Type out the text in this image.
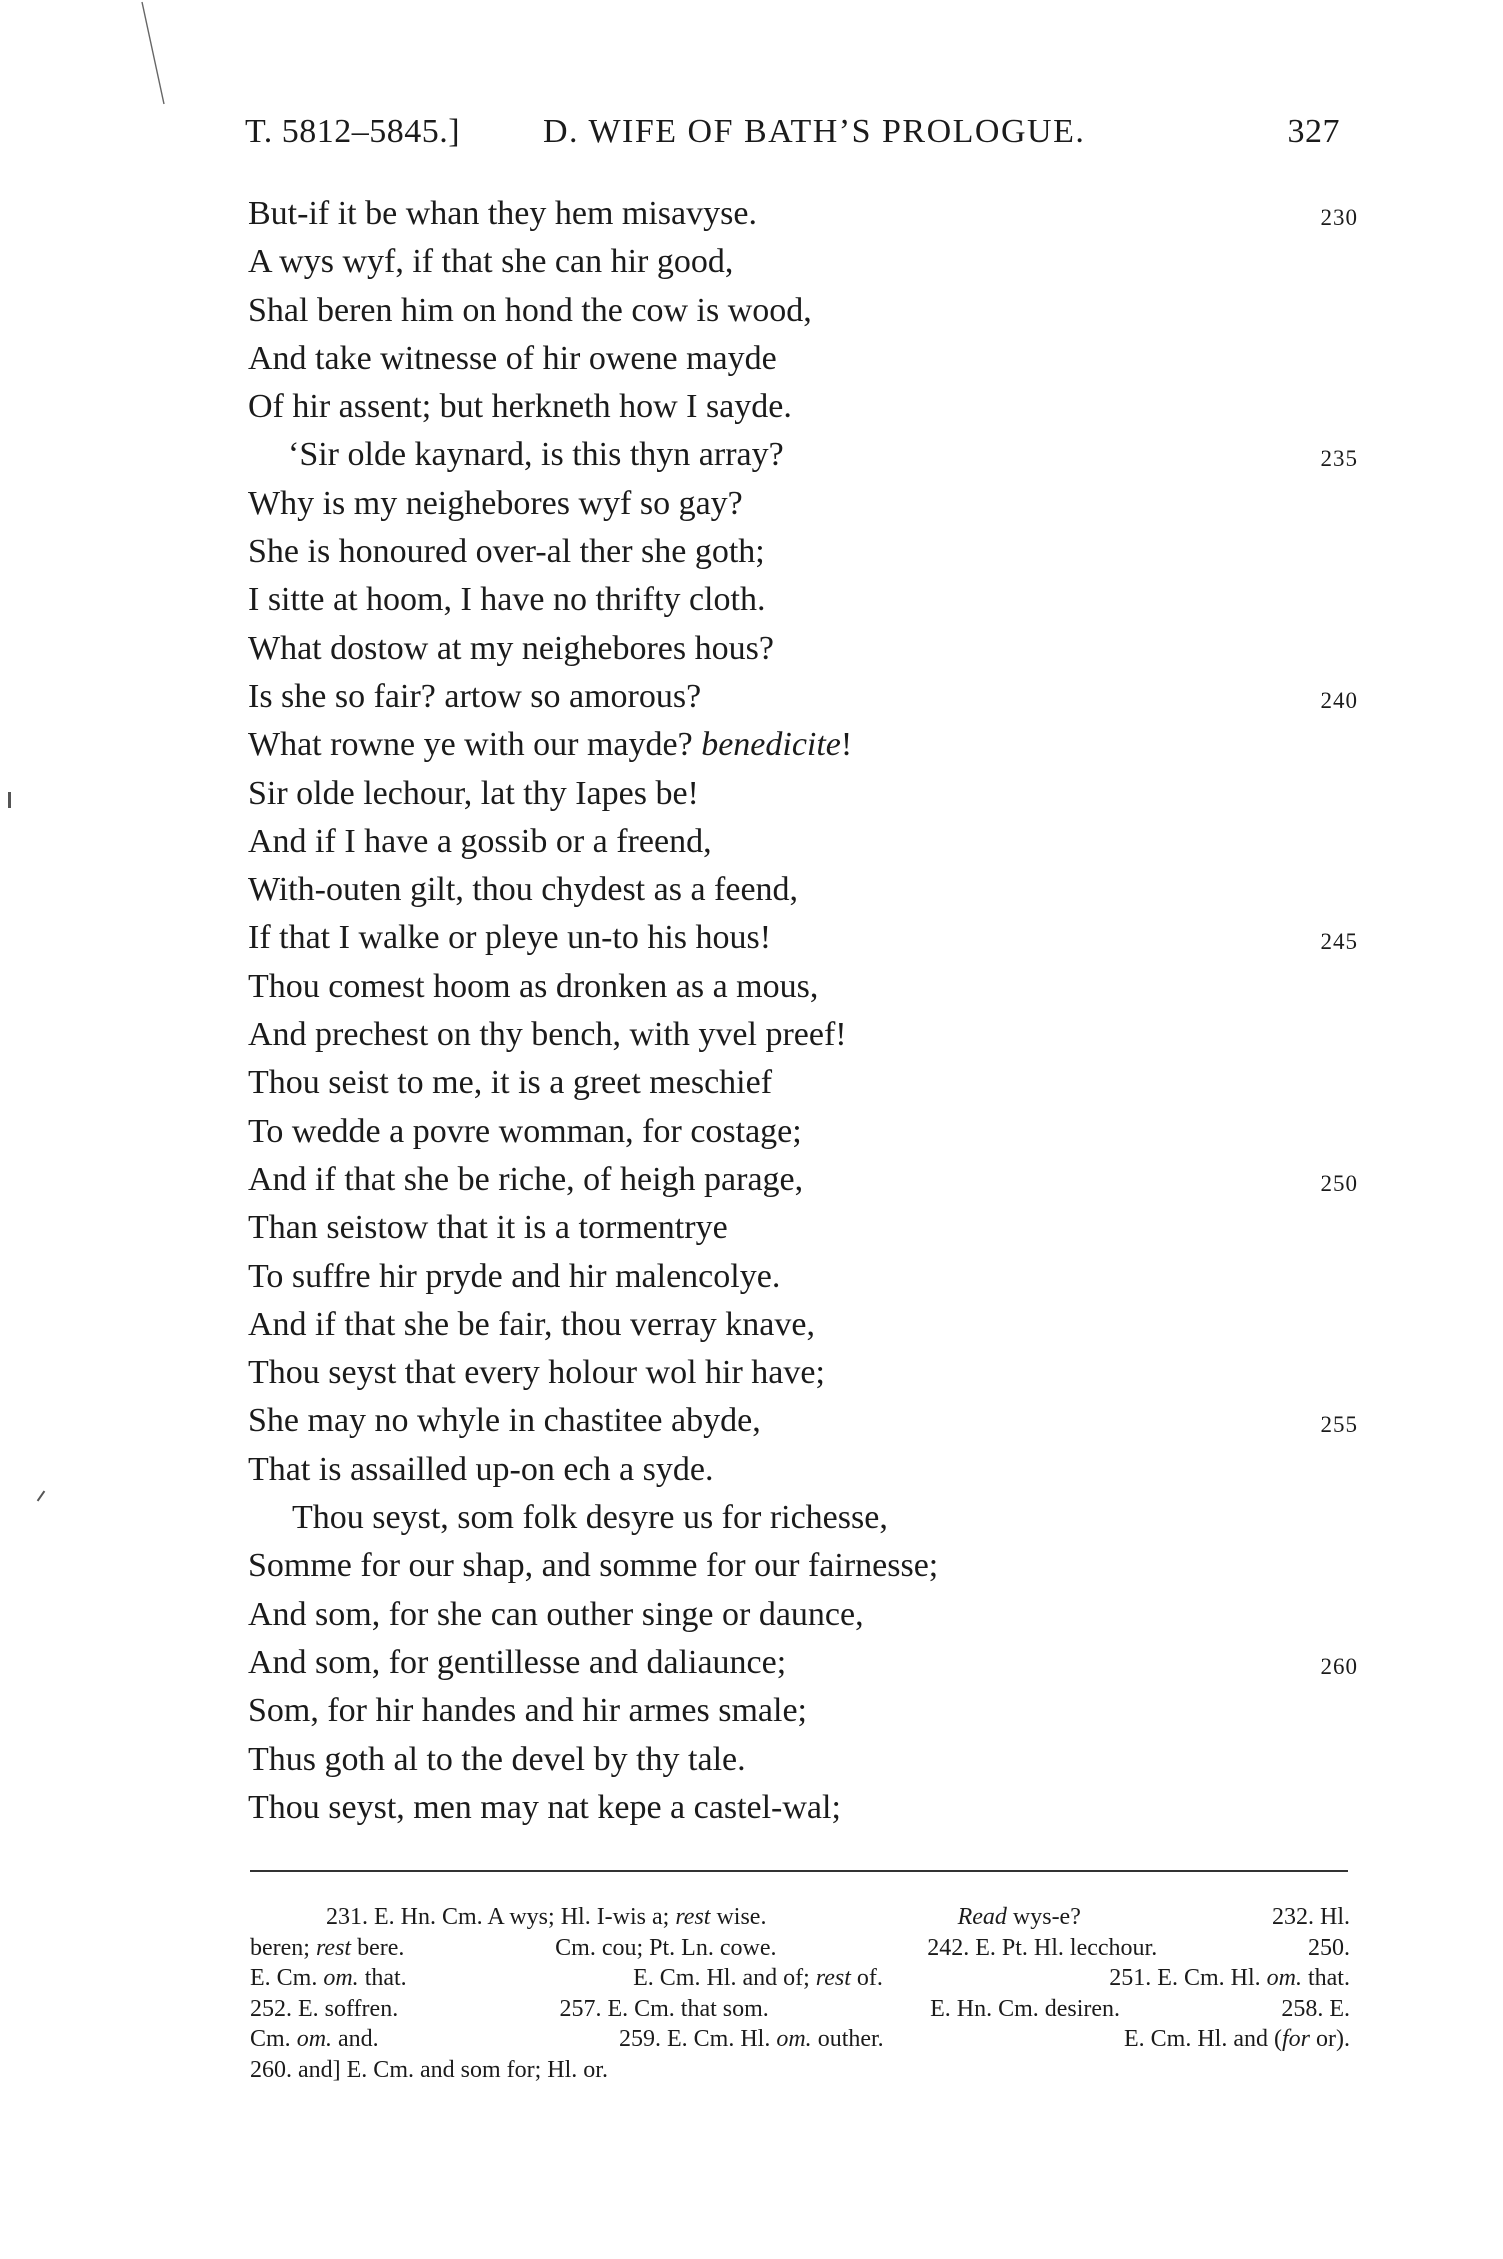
T. 5812–5845.] D. WIFE OF BATH’S PROLOGUE.	327
But-if it be whan they hem misavyse.	230
A wys wyf, if that she can hir good,
Shal beren him on hond the cow is wood,
And take witnesse of hir owene mayde
Of hir assent; but herkneth how I sayde.
‘Sir olde kaynard, is this thyn array?	235
Why is my neighebores wyf so gay?
She is honoured over-al ther she goth;
I sitte at hoom, I have no thrifty cloth.
What dostow at my neighebores hous?
Is she so fair? artow so amorous?	240
What rowne ye with our mayde? benedicite!
Sir olde lechour, lat thy Iapes be!
And if I have a gossib or a freend,
With-outen gilt, thou chydest as a feend,
If that I walke or pleye un-to his hous!	245
Thou comest hoom as dronken as a mous,
And prechest on thy bench, with yvel preef!
Thou seist to me, it is a greet meschief
To wedde a povre womman, for costage;
And if that she be riche, of heigh parage,	250
Than seistow that it is a tormentrye
To suffre hir pryde and hir malencolye.
And if that she be fair, thou verray knave,
Thou seyst that every holour wol hir have;
She may no whyle in chastitee abyde,	255
That is assailled up-on ech a syde.
Thou seyst, som folk desyre us for richesse,
Somme for our shap, and somme for our fairnesse;
And som, for she can outher singe or daunce,
And som, for gentillesse and daliaunce;	260
Som, for hir handes and hir armes smale;
Thus goth al to the devel by thy tale.
Thou seyst, men may nat kepe a castel-wal;
231. E. Hn. Cm. A wys; Hl. I-wis a; rest wise.	Read wys-e?	232. Hl.
beren; rest bere.	Cm. cou; Pt. Ln. cowe.	242. E. Pt. Hl. lecchour.	250.
E. Cm. om. that.	E. Cm. Hl. and of; rest of.	251. E. Cm. Hl. om. that.
252. E. soffren.	257. E. Cm. that som.	E. Hn. Cm. desiren.	258. E.
Cm. om. and.	259. E. Cm. Hl. om. outher.	E. Cm. Hl. and (for or).
260. and] E. Cm. and som for; Hl. or.
